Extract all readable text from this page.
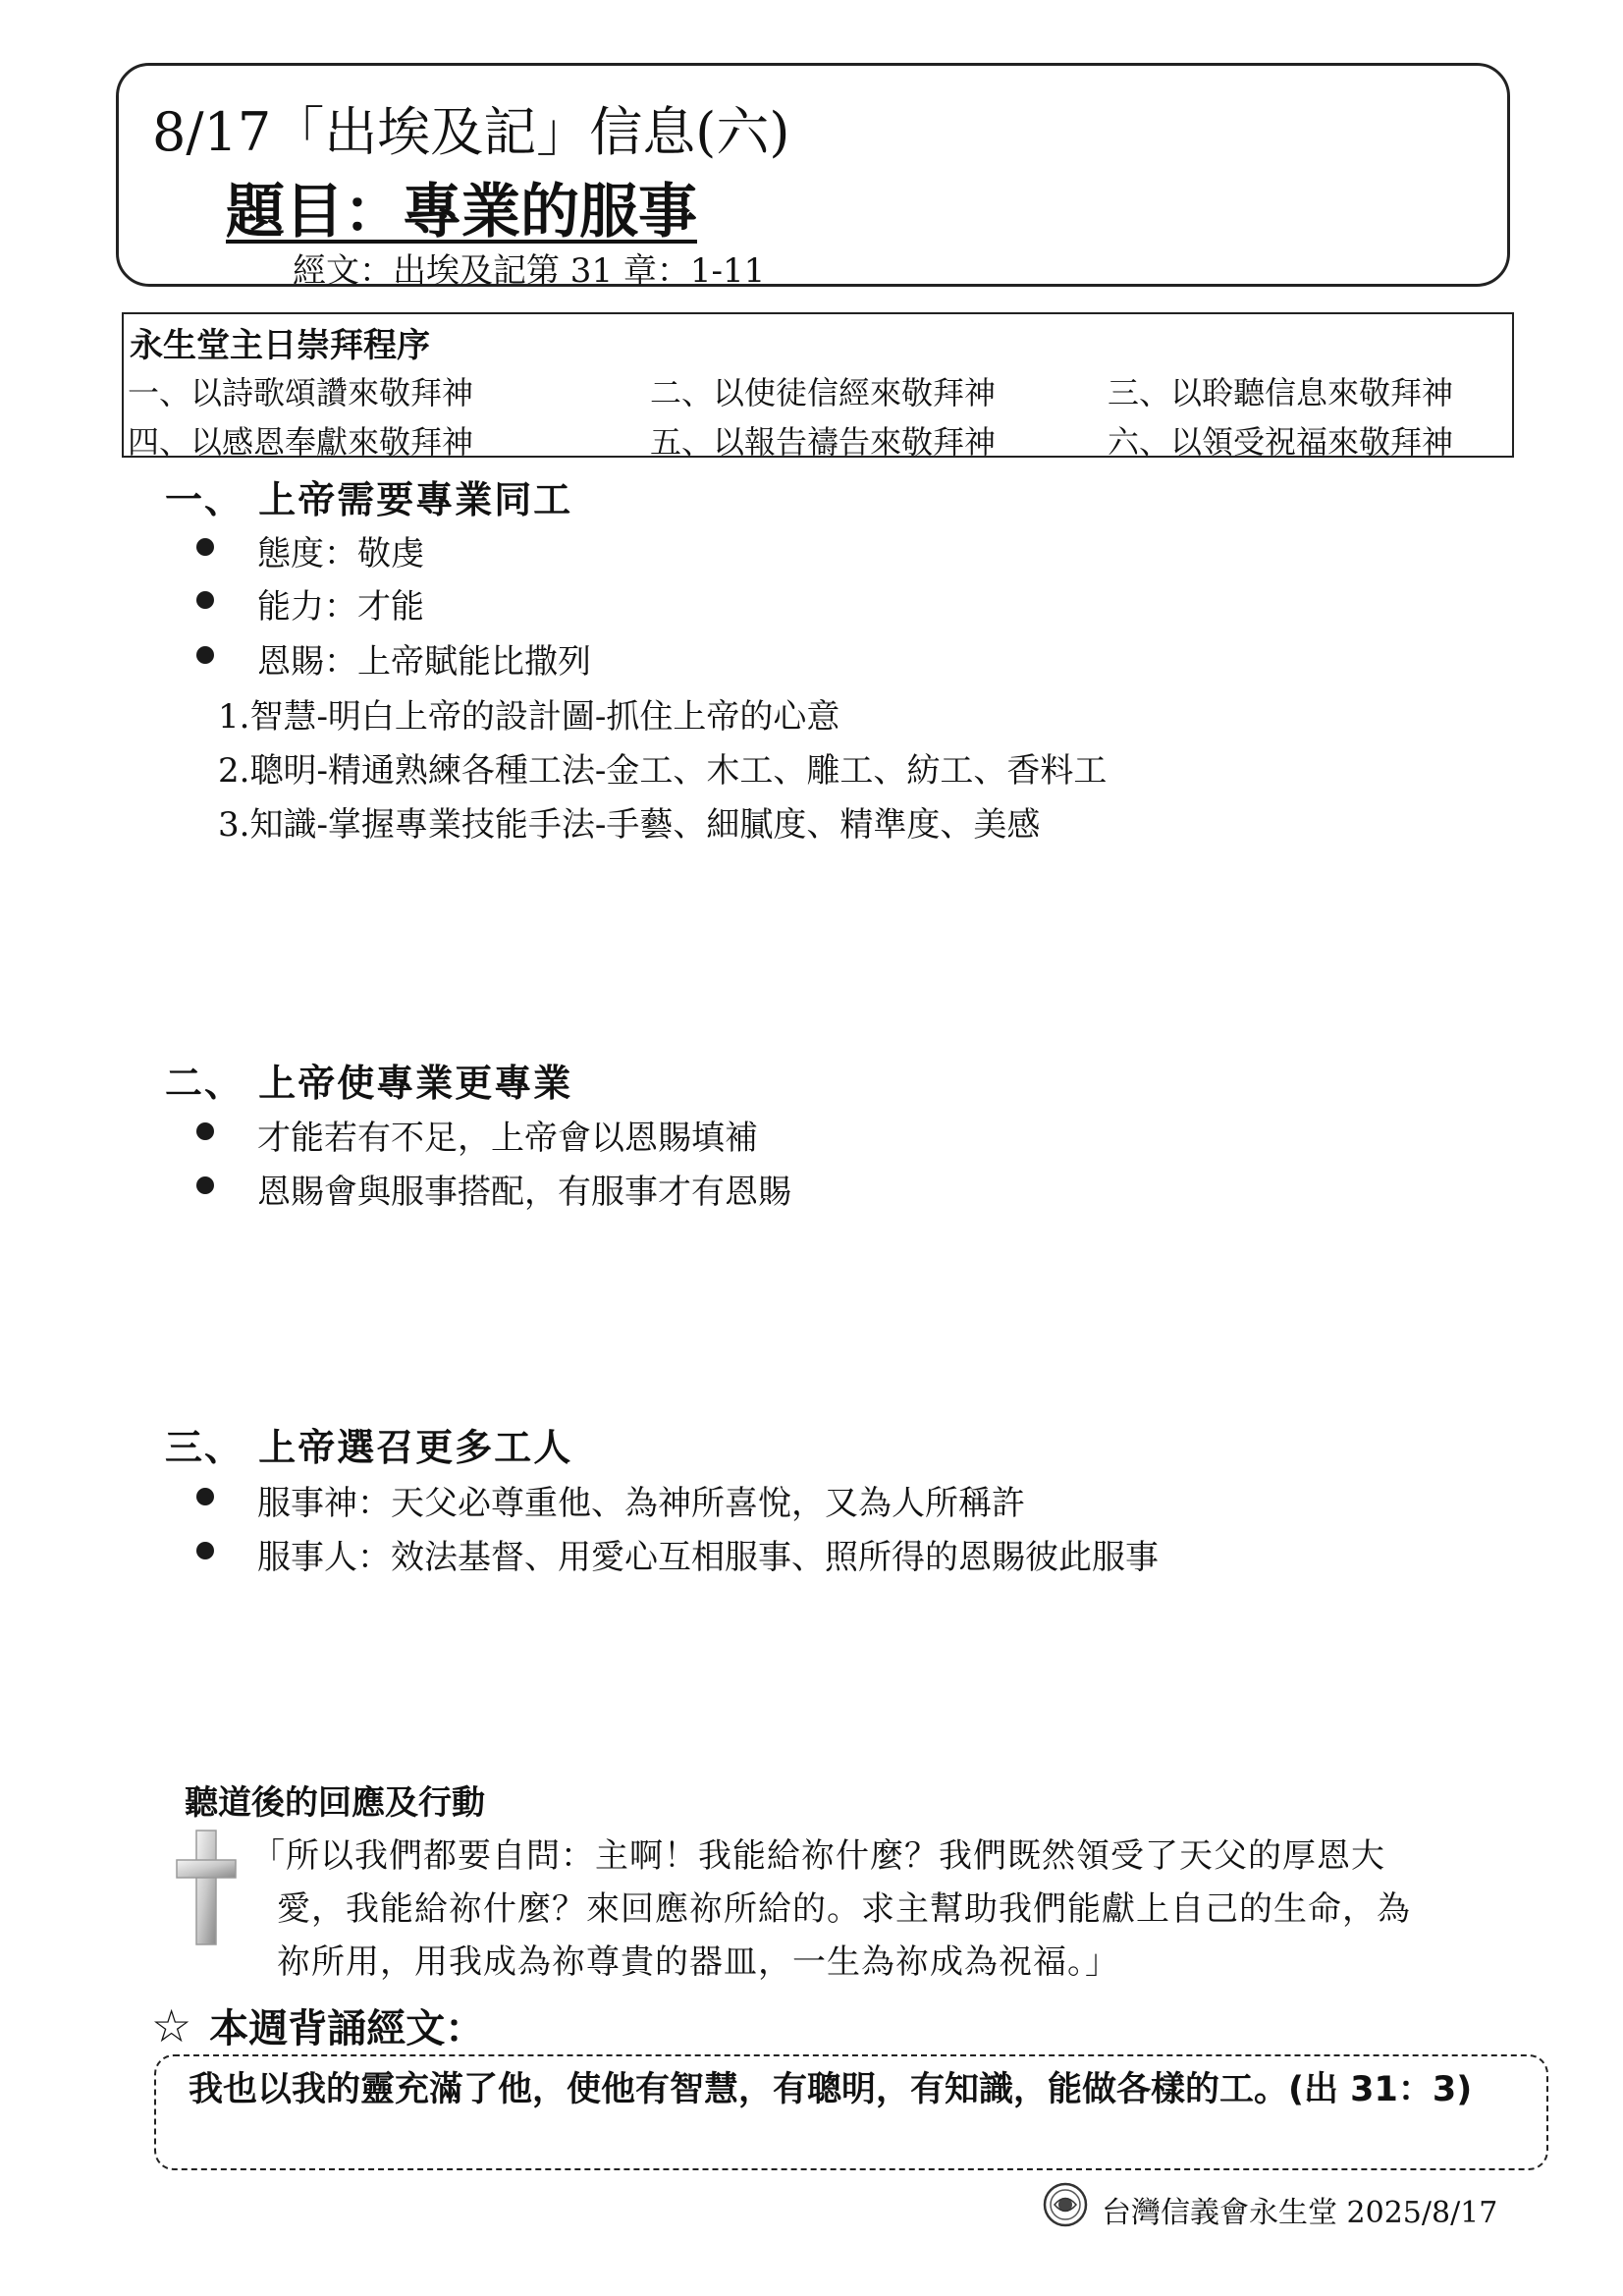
8/17「出埃及記」信息(六)
題目：專業的服事
經文：出埃及記第 31 章：1-11
永生堂主日崇拜程序
一、以詩歌頌讚來敬拜神	二、以使徒信經來敬拜神	三、以聆聽信息來敬拜神
四、以感恩奉獻來敬拜神	五、以報告禱告來敬拜神	六、以領受祝福來敬拜神
一、 上帝需要專業同工
態度：敬虔
能力：才能
恩賜：上帝賦能比撒列
1.智慧-明白上帝的設計圖-抓住上帝的心意
2.聰明-精通熟練各種工法-金工、木工、雕工、紡工、香料工
3.知識-掌握專業技能手法-手藝、細膩度、精準度、美感
二、 上帝使專業更專業
才能若有不足，上帝會以恩賜填補
恩賜會與服事搭配，有服事才有恩賜
三、 上帝選召更多工人
服事神：天父必尊重他、為神所喜悅，又為人所稱許
服事人：效法基督、用愛心互相服事、照所得的恩賜彼此服事
聽道後的回應及行動
「所以我們都要自問：主啊！我能給祢什麼？我們既然領受了天父的厚恩大
愛，我能給祢什麼？來回應祢所給的。求主幫助我們能獻上自己的生命，為
祢所用，用我成為祢尊貴的器皿，一生為祢成為祝福。」
☆ 本週背誦經文：
我也以我的靈充滿了他，使他有智慧，有聰明，有知識，能做各樣的工。(出 31：3)
台灣信義會永生堂 2025/8/17
